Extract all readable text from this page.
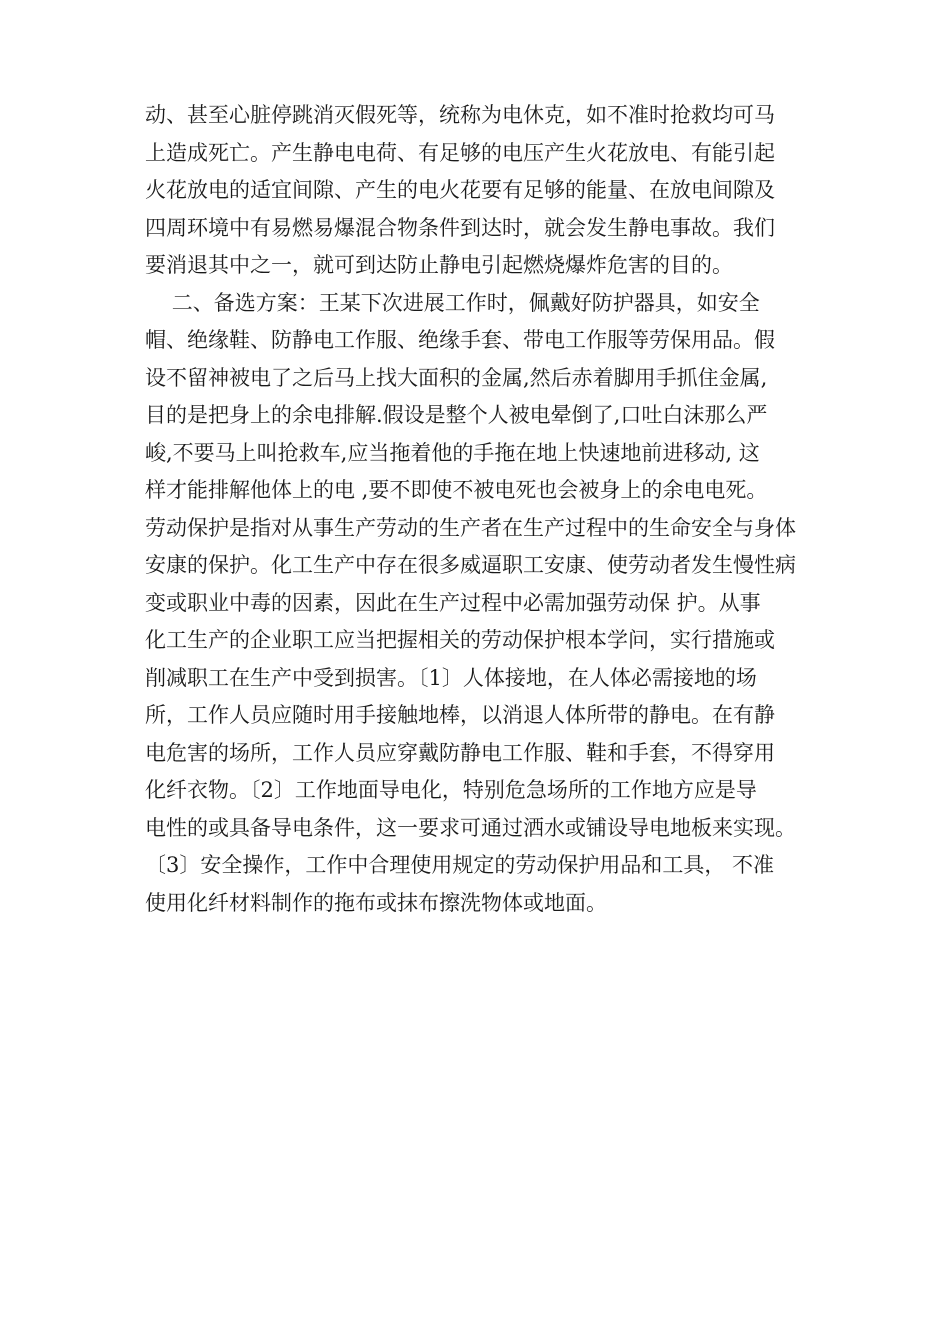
动、甚至心脏停跳消灭假死等，统称为电休克，如不准时抢救均可马
上造成死亡。产生静电电荷、有足够的电压产生火花放电、有能引起
火花放电的适宜间隙、产生的电火花要有足够的能量、在放电间隙及
四周环境中有易燃易爆混合物条件到达时，就会发生静电事故。我们
要消退其中之一，就可到达防止静电引起燃烧爆炸危害的目的。
二、备选方案：王某下次进展工作时，佩戴好防护器具，如安全
帽、绝缘鞋、防静电工作服、绝缘手套、带电工作服等劳保用品。假
设不留神被电了之后马上找大面积的金属,然后赤着脚用手抓住金属,
目的是把身上的余电排解.假设是整个人被电晕倒了,口吐白沫那么严
峻,不要马上叫抢救车,应当拖着他的手拖在地上快速地前进移动, 这
样才能排解他体上的电 ,要不即使不被电死也会被身上的余电电死。
劳动保护是指对从事生产劳动的生产者在生产过程中的生命安全与身体
安康的保护。化工生产中存在很多威逼职工安康、使劳动者发生慢性病
变或职业中毒的因素，因此在生产过程中必需加强劳动保 护。从事
化工生产的企业职工应当把握相关的劳动保护根本学问，实行措施或
削减职工在生产中受到损害。〔1〕人体接地，在人体必需接地的场
所，工作人员应随时用手接触地棒，以消退人体所带的静电。在有静
电危害的场所，工作人员应穿戴防静电工作服、鞋和手套，不得穿用
化纤衣物。〔2〕工作地面导电化，特别危急场所的工作地方应是导
电性的或具备导电条件，这一要求可通过洒水或铺设导电地板来实现。
〔3〕安全操作，工作中合理使用规定的劳动保护用品和工具， 不准
使用化纤材料制作的拖布或抹布擦洗物体或地面。
